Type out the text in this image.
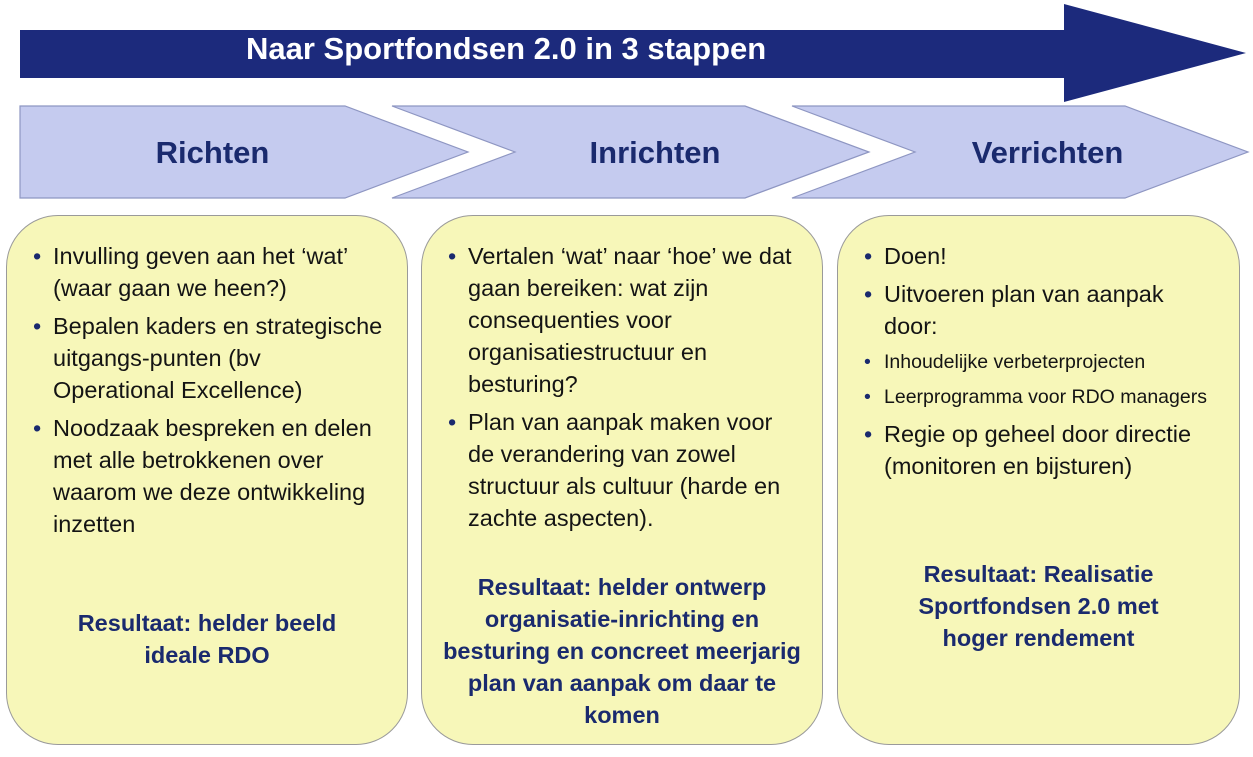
Naar Sportfondsen 2.0 in 3 stappen
Richten	Inrichten	Verrichten
• Invulling geven aan het ‘wat’ (waar gaan we heen?)
• Bepalen kaders en strategische uitgangs-punten (bv Operational Excellence)
• Noodzaak bespreken en delen met alle betrokkenen over waarom we deze ontwikkeling inzetten
Resultaat: helder beeld ideale RDO
• Vertalen ‘wat’ naar ‘hoe’ we dat gaan bereiken: wat zijn consequenties voor organisatiestructuur en besturing?
• Plan van aanpak maken voor de verandering van zowel structuur als cultuur (harde en zachte aspecten).
Resultaat: helder ontwerp organisatie-inrichting en besturing en concreet meerjarig plan van aanpak om daar te komen
• Doen!
• Uitvoeren plan van aanpak door:
• Inhoudelijke verbeterprojecten
• Leerprogramma voor RDO managers
• Regie op geheel door directie (monitoren en bijsturen)
Resultaat: Realisatie Sportfondsen 2.0 met hoger rendement
